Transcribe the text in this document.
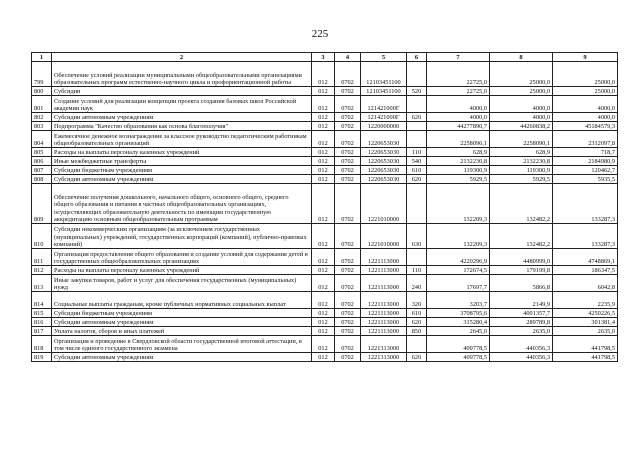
225
1	2	3	4	5	6	7	8	9
799	Обеспечение условий реализации муниципальными общеобразовательными организациями образовательных программ естественно-научного цикла и профориентационной работы	012	0702	12103451100		22725,0	25000,0	25000,0
800	Субсидии	012	0702	12103451100	520	22725,0	25000,0	25000,0
801	Создание условий для реализации концепции проекта создания базовых школ Российской академии наук	012	0702	121421000Г		4000,0	4000,0	4000,0
802	Субсидии автономным учреждениям	012	0702	121421000Г	620	4000,0	4000,0	4000,0
803	Подпрограмма "Качество образования как основа благополучия"	012	0702	1220000000		44277890,7	44260838,2	45184579,3
804	Ежемесячное денежное вознаграждение за классное руководство педагогическим работникам общеобразовательных организаций	012	0702	1220653030		2258096,1	2258090,1	2312097,8
805	Расходы на выплаты персоналу казенных учреждений	012	0702	1220653030	110	628,9	628,9	718,7
806	Иные межбюджетные трансферты	012	0702	1220653030	540	2132230,8	2132230,8	2184980,9
807	Субсидии бюджетным учреждениям	012	0702	1220653030	610	119300,9	119300,9	120462,7
808	Субсидии автономным учреждениям	012	0702	1220653030	620	5929,5	5929,5	5935,5
809	Обеспечение получения дошкольного, начального общего, основного общего, среднего общего образования и питания в частных общеобразовательных организациях, осуществляющих образовательную деятельность по имеющим государственную аккредитацию основным общеобразовательным программам	012	0702	1221010000		132209,3	132482,2	133287,3
810	Субсидии некоммерческим организациям (за исключением государственных (муниципальных) учреждений, государственных корпораций (компаний), публично-правовых компаний)	012	0702	1221010000	630	132209,3	132482,2	133287,3
811	Организация предоставления общего образования и создание условий для содержания детей в государственных общеобразовательных организациях	012	0702	1221113000		4220296,9	4480999,0	4748869,1
812	Расходы на выплаты персоналу казенных учреждений	012	0702	1221113000	110	172674,5	179199,8	186347,5
813	Иные закупки товаров, работ и услуг для обеспечения государственных (муниципальных) нужд	012	0702	1221113000	240	17697,7	5866,8	6042,8
814	Социальные выплаты гражданам, кроме публичных нормативных социальных выплат	012	0702	1221113000	320	3203,7	2149,9	2235,9
815	Субсидии бюджетным учреждениям	012	0702	1221113000	610	3708795,6	4001357,7	4250226,5
816	Субсидии автономным учреждениям	012	0702	1221113000	620	315280,4	289789,8	301381,4
817	Уплата налогов, сборов и иных платежей	012	0702	1221113000	850	2645,0	2635,0	2635,0
818	Организация и проведение в Свердловской области государственной итоговой аттестации, в том числе единого государственного экзамена	012	0702	1221313000		409778,5	440356,3	441798,5
819	Субсидии автономным учреждениям	012	0702	1221313000	620	409778,5	440356,3	441798,5
